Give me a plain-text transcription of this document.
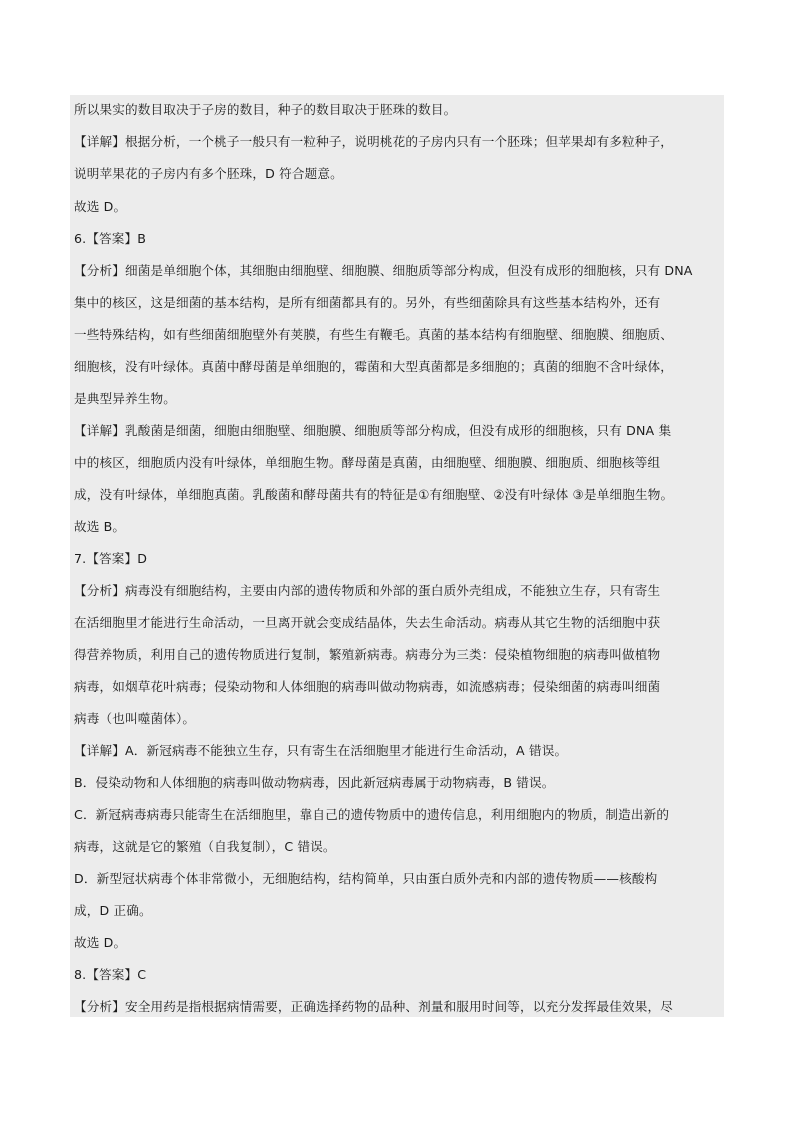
所以果实的数目取决于子房的数目，种子的数目取决于胚珠的数目。
【详解】根据分析，一个桃子一般只有一粒种子，说明桃花的子房内只有一个胚珠；但苹果却有多粒种子，
说明苹果花的子房内有多个胚珠，D 符合题意。
故选 D。
6.【答案】B
【分析】细菌是单细胞个体，其细胞由细胞壁、细胞膜、细胞质等部分构成，但没有成形的细胞核，只有 DNA
集中的核区，这是细菌的基本结构，是所有细菌都具有的。另外，有些细菌除具有这些基本结构外，还有
一些特殊结构，如有些细菌细胞壁外有荚膜，有些生有鞭毛。真菌的基本结构有细胞壁、细胞膜、细胞质、
细胞核，没有叶绿体。真菌中酵母菌是单细胞的，霉菌和大型真菌都是多细胞的；真菌的细胞不含叶绿体，
是典型异养生物。
【详解】乳酸菌是细菌，细胞由细胞壁、细胞膜、细胞质等部分构成，但没有成形的细胞核，只有 DNA 集
中的核区，细胞质内没有叶绿体，单细胞生物。酵母菌是真菌，由细胞壁、细胞膜、细胞质、细胞核等组
成，没有叶绿体，单细胞真菌。乳酸菌和酵母菌共有的特征是①有细胞壁、②没有叶绿体 ③是单细胞生物。
故选 B。
7.【答案】D
【分析】病毒没有细胞结构，主要由内部的遗传物质和外部的蛋白质外壳组成，不能独立生存，只有寄生
在活细胞里才能进行生命活动，一旦离开就会变成结晶体，失去生命活动。病毒从其它生物的活细胞中获
得营养物质，利用自己的遗传物质进行复制，繁殖新病毒。病毒分为三类：侵染植物细胞的病毒叫做植物
病毒，如烟草花叶病毒；侵染动物和人体细胞的病毒叫做动物病毒，如流感病毒；侵染细菌的病毒叫细菌
病毒（也叫噬菌体）。
【详解】A．新冠病毒不能独立生存，只有寄生在活细胞里才能进行生命活动，A 错误。
B．侵染动物和人体细胞的病毒叫做动物病毒，因此新冠病毒属于动物病毒，B 错误。
C．新冠病毒病毒只能寄生在活细胞里，靠自己的遗传物质中的遗传信息，利用细胞内的物质，制造出新的
病毒，这就是它的繁殖（自我复制），C 错误。
D．新型冠状病毒个体非常微小，无细胞结构，结构简单，只由蛋白质外壳和内部的遗传物质——核酸构
成，D 正确。
故选 D。
8.【答案】C
【分析】安全用药是指根据病情需要，正确选择药物的品种、剂量和服用时间等，以充分发挥最佳效果，尽
